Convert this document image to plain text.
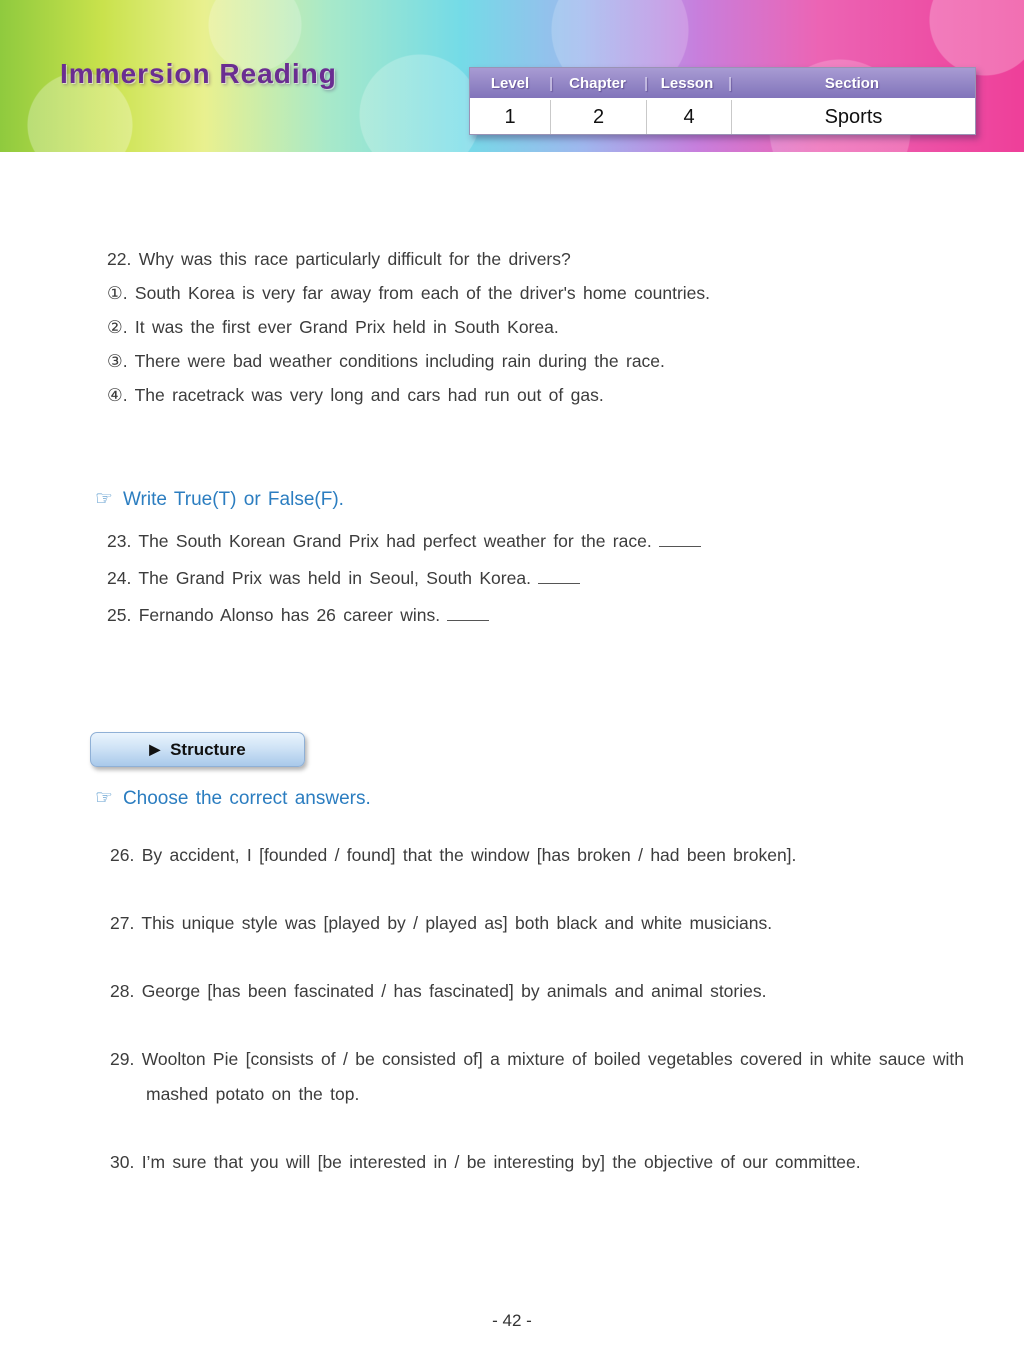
Immersion Reading	Level |	Chapter | Lesson |	Section
1	2	4	Sports
22. Why was this race particularly difficult for the drivers?
①. South Korea is very far away from each of the driver's home countries.
②. It was the first ever Grand Prix held in South Korea.
③. There were bad weather conditions including rain during the race.
④. The racetrack was very long and cars had run out of gas.
☞ Write True(T) or False(F).
23. The South Korean Grand Prix had perfect weather for the race.
24. The Grand Prix was held in Seoul, South Korea.
25. Fernando Alonso has 26 career wins.
▶ Structure
☞ Choose the correct answers.
26. By accident, I [founded / found] that the window [has broken / had been broken].
27. This unique style was [played by / played as] both black and white musicians.
28. George [has been fascinated / has fascinated] by animals and animal stories.
29. Woolton Pie [consists of / be consisted of] a mixture of boiled vegetables covered in white sauce with mashed potato on the top.
30. I’m sure that you will [be interested in / be interesting by] the objective of our committee.
- 42 -
